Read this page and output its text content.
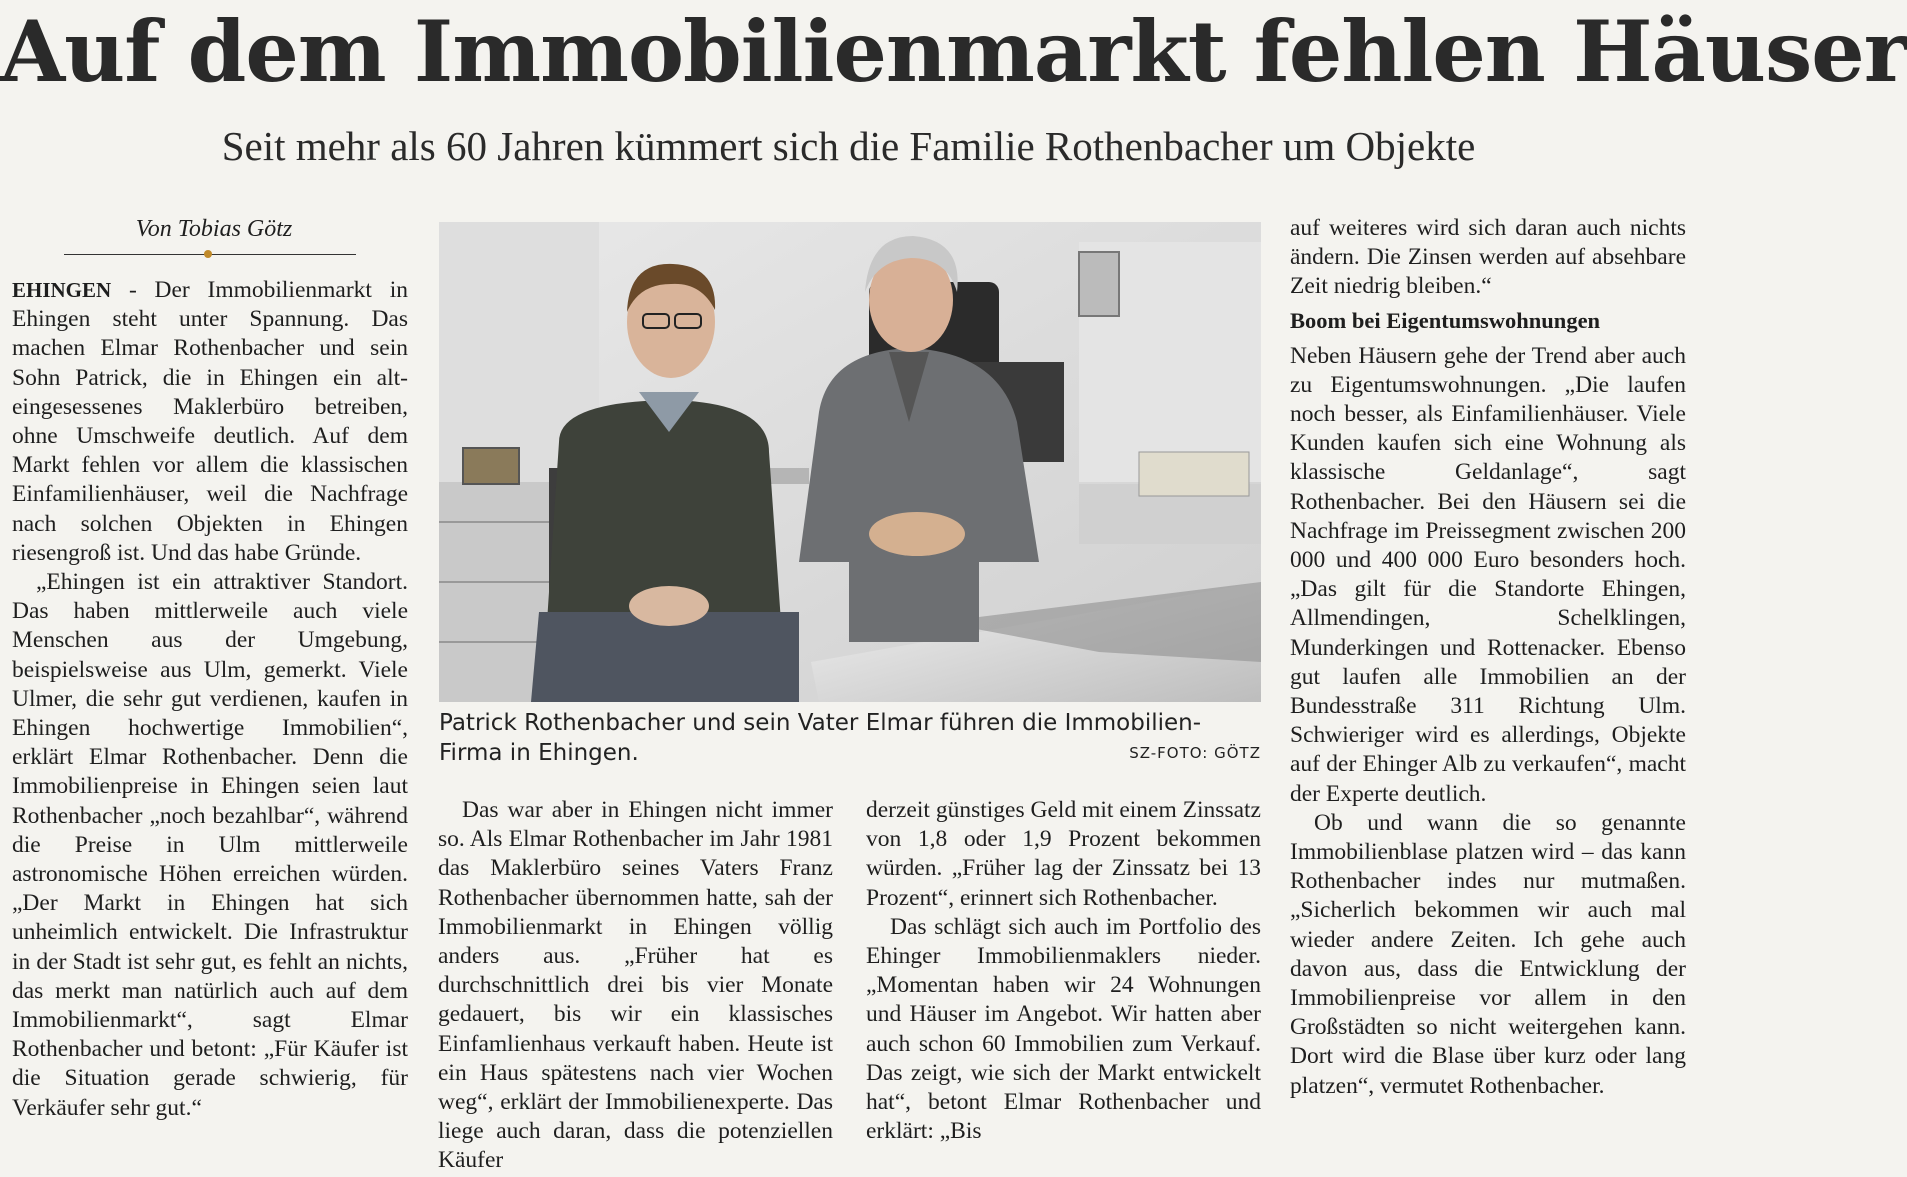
Auf dem Immobilienmarkt fehlen Häuser
Seit mehr als 60 Jahren kümmert sich die Familie Rothenbacher um Objekte
Von Tobias Götz

EHINGEN - Der Immobilienmarkt in Ehingen steht unter Spannung. Das machen Elmar Rothenbacher und sein Sohn Patrick, die in Ehingen ein alt-eingesessenes Maklerbüro betreiben, ohne Umschweife deutlich. Auf dem Markt fehlen vor allem die klassischen Einfamilienhäuser, weil die Nachfrage nach solchen Objekten in Ehingen riesengroß ist. Und das habe Gründe.

„Ehingen ist ein attraktiver Standort. Das haben mittlerweile auch viele Menschen aus der Umgebung, beispielsweise aus Ulm, gemerkt. Viele Ulmer, die sehr gut verdienen, kaufen in Ehingen hochwertige Immobilien“, erklärt Elmar Rothenbacher. Denn die Immobilienpreise in Ehingen seien laut Rothenbacher „noch bezahlbar“, während die Preise in Ulm mittlerweile astronomische Höhen erreichen würden. „Der Markt in Ehingen hat sich unheimlich entwickelt. Die Infrastruktur in der Stadt ist sehr gut, es fehlt an nichts, das merkt man natürlich auch auf dem Immobilienmarkt“, sagt Elmar Rothenbacher und betont: „Für Käufer ist die Situation gerade schwierig, für Verkäufer sehr gut.“

Patrick Rothenbacher und sein Vater Elmar führen die Immobilien-Firma in Ehingen.	SZ-FOTO: GÖTZ

Das war aber in Ehingen nicht immer so. Als Elmar Rothenbacher im Jahr 1981 das Maklerbüro seines Vaters Franz Rothenbacher übernommen hatte, sah der Immobilienmarkt in Ehingen völlig anders aus. „Früher hat es durchschnittlich drei bis vier Monate gedauert, bis wir ein klassisches Einfamlienhaus verkauft haben. Heute ist ein Haus spätestens nach vier Wochen weg“, erklärt der Immobilienexperte. Das liege auch daran, dass die potenziellen Käufer

derzeit günstiges Geld mit einem Zinssatz von 1,8 oder 1,9 Prozent bekommen würden. „Früher lag der Zinssatz bei 13 Prozent“, erinnert sich Rothenbacher.

Das schlägt sich auch im Portfolio des Ehinger Immobilienmaklers nieder. „Momentan haben wir 24 Wohnungen und Häuser im Angebot. Wir hatten aber auch schon 60 Immobilien zum Verkauf. Das zeigt, wie sich der Markt entwickelt hat“, betont Elmar Rothenbacher und erklärt: „Bis

auf weiteres wird sich daran auch nichts ändern. Die Zinsen werden auf absehbare Zeit niedrig bleiben.“

Boom bei Eigentumswohnungen

Neben Häusern gehe der Trend aber auch zu Eigentumswohnungen. „Die laufen noch besser, als Einfamilienhäuser. Viele Kunden kaufen sich eine Wohnung als klassische Geldanlage“, sagt Rothenbacher. Bei den Häusern sei die Nachfrage im Preissegment zwischen 200 000 und 400 000 Euro besonders hoch. „Das gilt für die Standorte Ehingen, Allmendingen, Schelklingen, Munderkingen und Rottenacker. Ebenso gut laufen alle Immobilien an der Bundesstraße 311 Richtung Ulm. Schwieriger wird es allerdings, Objekte auf der Ehinger Alb zu verkaufen“, macht der Experte deutlich.

Ob und wann die so genannte Immobilienblase platzen wird – das kann Rothenbacher indes nur mutmaßen. „Sicherlich bekommen wir auch mal wieder andere Zeiten. Ich gehe auch davon aus, dass die Entwicklung der Immobilienpreise vor allem in den Großstädten so nicht weitergehen kann. Dort wird die Blase über kurz oder lang platzen“, vermutet Rothenbacher.
